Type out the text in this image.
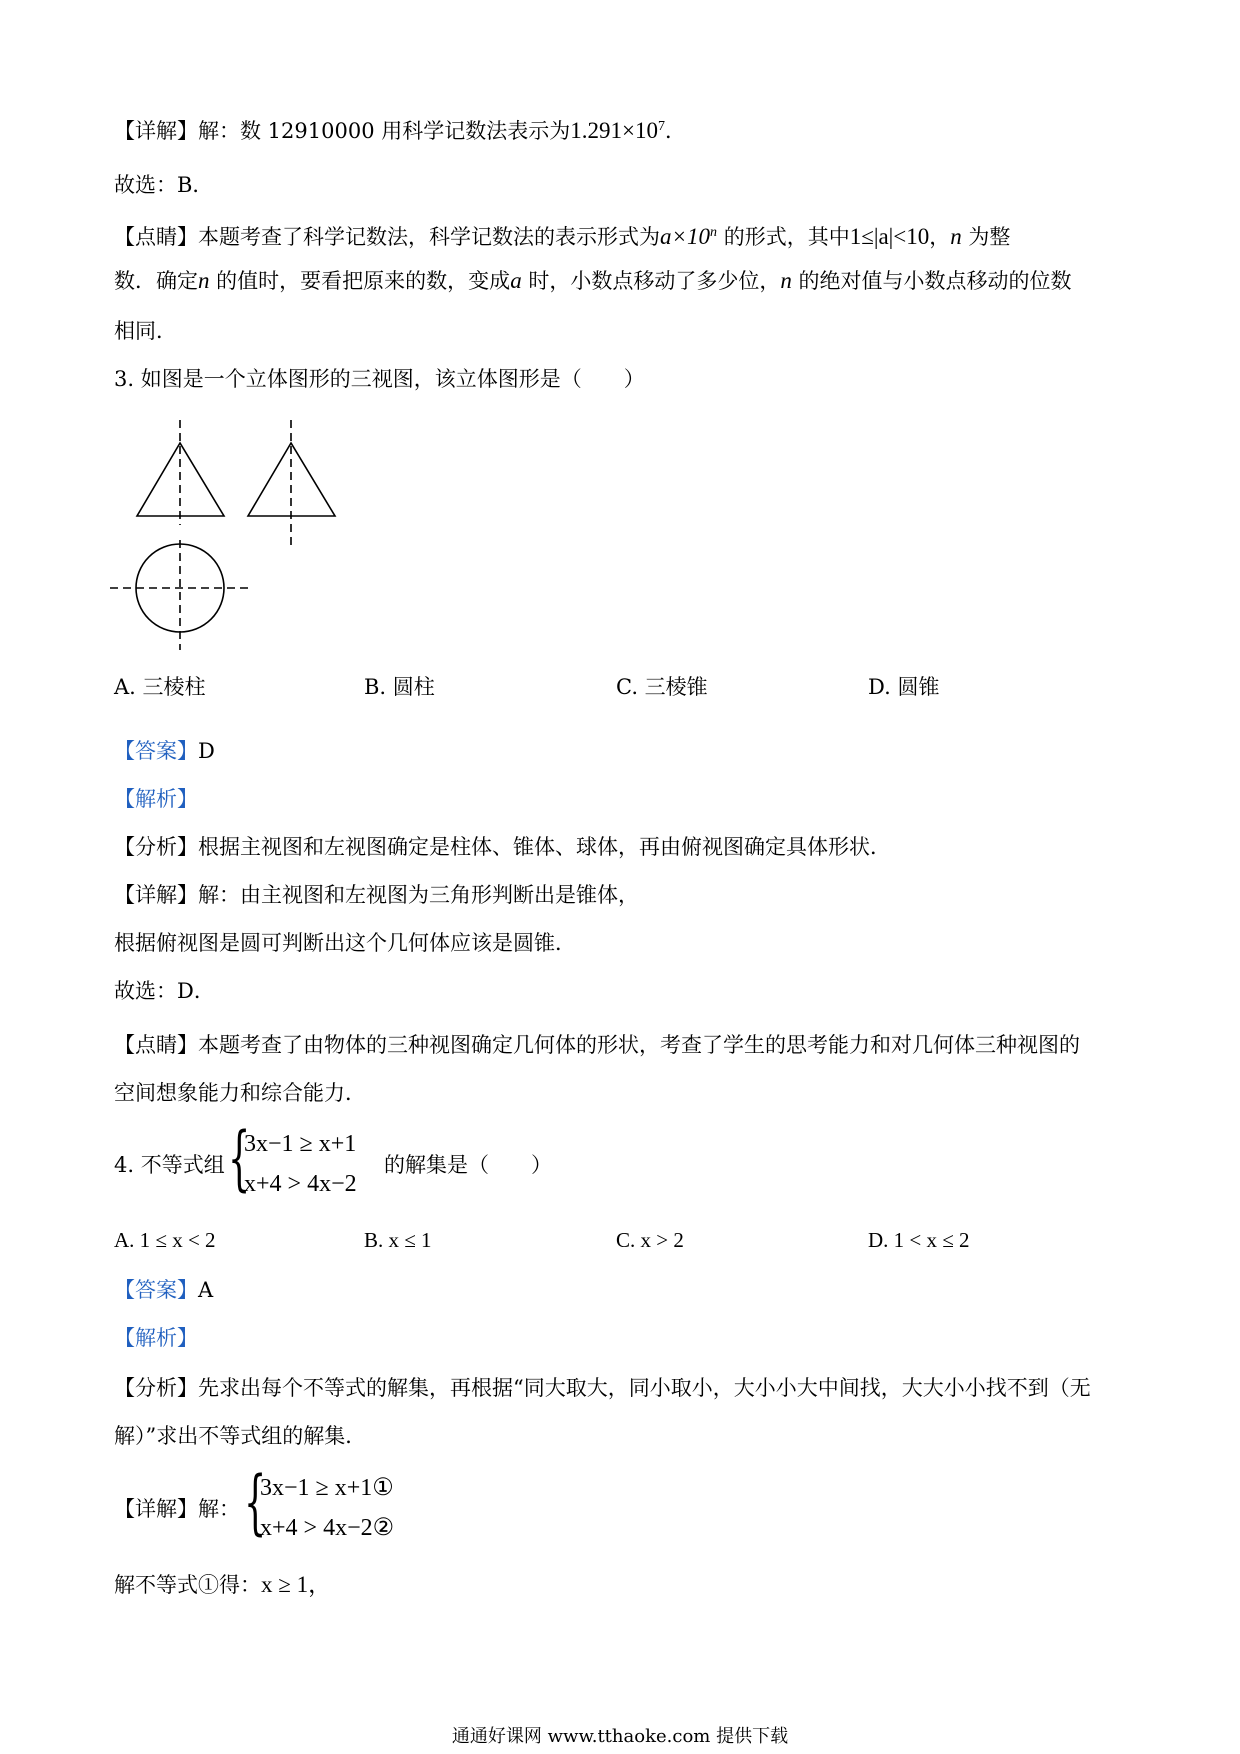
【详解】解：数 12910000 用科学记数法表示为$1.291\times 10^7$．
故选：B．
【点睛】本题考查了科学记数法，科学记数法的表示形式为$a\times 10^n$ 的形式，其中1≤|a|<10，n 为整
数．确定n 的值时，要看把原来的数，变成a 时，小数点移动了多少位，n 的绝对值与小数点移动的位数
相同．
3. 如图是一个立体图形的三视图，该立体图形是（　　）
A. 三棱柱	B. 圆柱	C. 三棱锥	D. 圆锥
【答案】D
【解析】
【分析】根据主视图和左视图确定是柱体、锥体、球体，再由俯视图确定具体形状．
【详解】解：由主视图和左视图为三角形判断出是锥体，
根据俯视图是圆可判断出这个几何体应该是圆锥．
故选：D．
【点睛】本题考查了由物体的三种视图确定几何体的形状，考查了学生的思考能力和对几何体三种视图的
空间想象能力和综合能力．
4. 不等式组 {
3x−1 ≥ x+1
x+4 > 4x−2
的解集是（　　）
A. 1 ≤ x < 2	B. x ≤ 1	C. x > 2	D. 1 < x ≤ 2
【答案】A
【解析】
【分析】先求出每个不等式的解集，再根据“同大取大，同小取小，大小小大中间找，大大小小找不到（无
解）”求出不等式组的解集．
【详解】解： {
3x−1 ≥ x+1①
x+4 > 4x−2②
解不等式①得：x ≥ 1，
通通好课网 www.tthaoke.com 提供下载
